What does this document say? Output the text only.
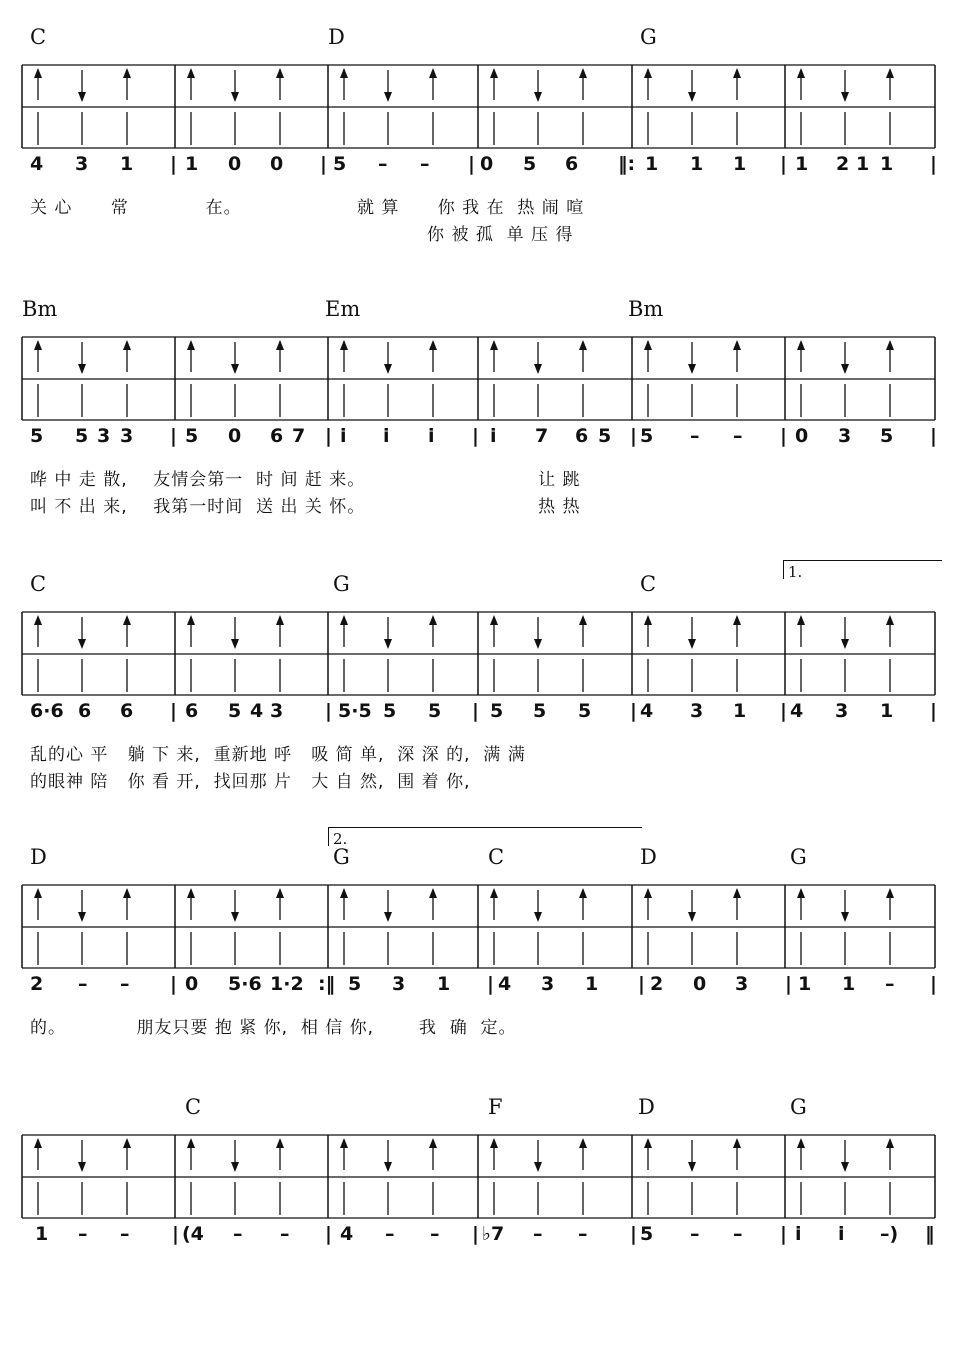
C	D	G
4 3 1 | 1 0 0 | 5 – – | 0 5 6 ‖: 1 1 1 | 1 2 1 1 |
关 心      常            在。                  就 算      你 我 在  热 闹 喧
你 被 孤  单 压 得
Bm	Em	Bm
5 5 3 3 | 5 0 6 7 | i i i | i 7 6 5 | 5 – – | 0 3 5 |
哗 中 走 散,    友情会第一  时 间 赶 来。                           让 跳
叫 不 出 来,    我第一时间  送 出 关 怀。                           热 热
C	G	C	1.
6·6 6 6 | 6 5 4 3 | 5·5 5 5 | 5 5 5 | 4 3 1 | 4 3 1 |
乱的心 平   躺 下 来,  重新地 呼   吸 简 单,  深 深 的,  满 满
的眼神 陪   你 看 开,  找回那 片   大 自 然,  围 着 你,
D	G	C	D	G
2.
2 – – | 0 5·6 1·2 :‖ 5 3 1 | 4 3 1 | 2 0 3 | 1 1 – |
的。           朋友只要 抱 紧 你,  相 信 你,       我  确  定。
C	F	D	G
1 – – | (4 – – | 4 – – | ♭7 – – | 5 – – | i i –) ‖
